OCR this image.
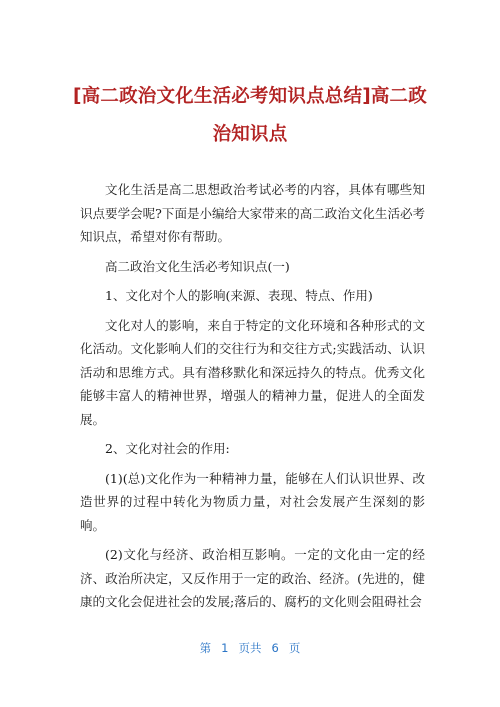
[高二政治文化生活必考知识点总结]高二政
治知识点

文化生活是高二思想政治考试必考的内容，具体有哪些知识点要学会呢?下面是小编给大家带来的高二政治文化生活必考知识点，希望对你有帮助。

高二政治文化生活必考知识点(一)

1、文化对个人的影响(来源、表现、特点、作用)

文化对人的影响，来自于特定的文化环境和各种形式的文化活动。文化影响人们的交往行为和交往方式;实践活动、认识活动和思维方式。具有潜移默化和深远持久的特点。优秀文化能够丰富人的精神世界，增强人的精神力量，促进人的全面发展。

2、文化对社会的作用:

(1)(总)文化作为一种精神力量，能够在人们认识世界、改造世界的过程中转化为物质力量，对社会发展产生深刻的影响。

(2)文化与经济、政治相互影响。一定的文化由一定的经济、政治所决定，又反作用于一定的政治、经济。(先进的，健康的文化会促进社会的发展;落后的、腐朽的文化则会阻碍社会

第 1 页共 6 页
